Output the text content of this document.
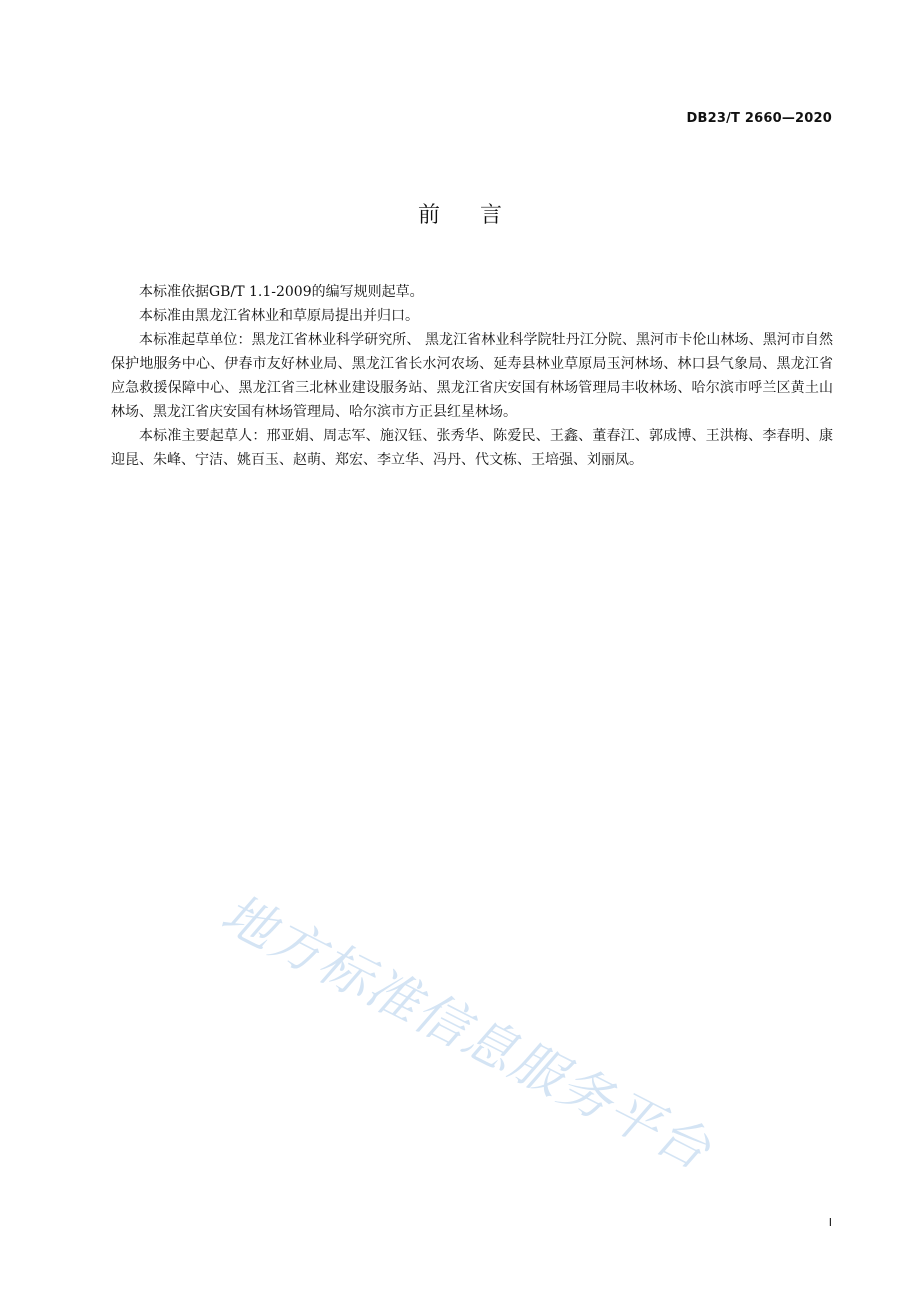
DB23/T 2660—2020
前言

本标准依据GB/T 1.1-2009的编写规则起草。

本标准由黑龙江省林业和草原局提出并归口。

本标准起草单位：黑龙江省林业科学研究所、 黑龙江省林业科学院牡丹江分院、黑河市卡伦山林场、黑河市自然保护地服务中心、伊春市友好林业局、黑龙江省长水河农场、延寿县林业草原局玉河林场、林口县气象局、黑龙江省应急救援保障中心、黑龙江省三北林业建设服务站、黑龙江省庆安国有林场管理局丰收林场、哈尔滨市呼兰区黄土山林场、黑龙江省庆安国有林场管理局、哈尔滨市方正县红星林场。

本标准主要起草人：邢亚娟、周志军、施汉钰、张秀华、陈爱民、王鑫、董春江、郭成博、王洪梅、李春明、康迎昆、朱峰、宁洁、姚百玉、赵萌、郑宏、李立华、冯丹、代文栋、王培强、刘丽凤。

地方标准信息服务平台
I
